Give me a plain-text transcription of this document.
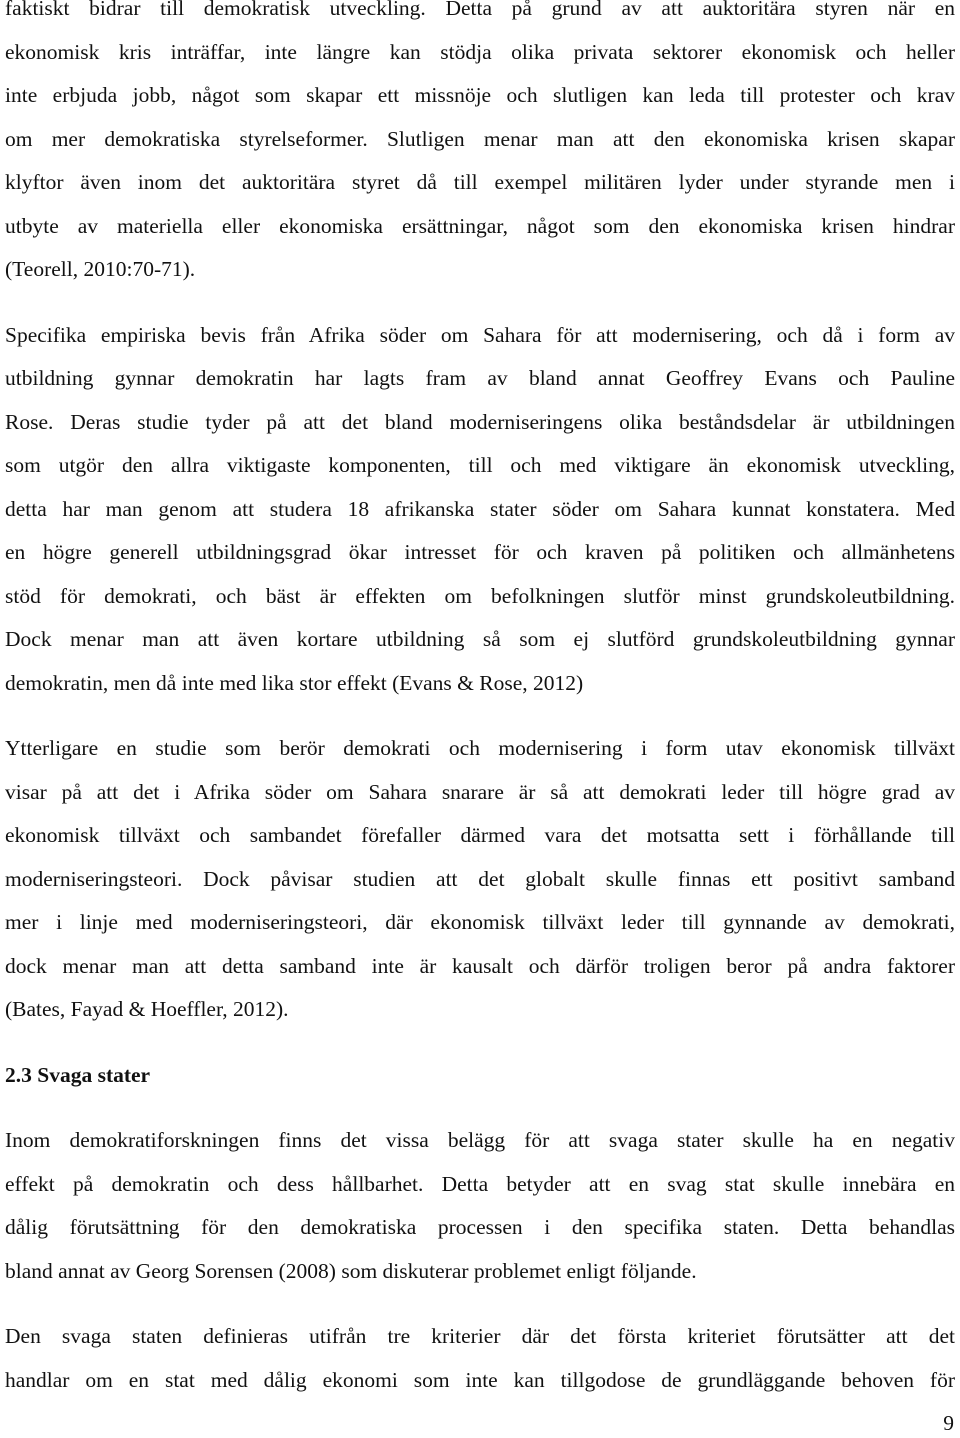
faktiskt bidrar till demokratisk utveckling. Detta på grund av att auktoritära styren när en
ekonomisk kris inträffar, inte längre kan stödja olika privata sektorer ekonomisk och heller
inte erbjuda jobb, något som skapar ett missnöje och slutligen kan leda till protester och krav
om mer demokratiska styrelseformer. Slutligen menar man att den ekonomiska krisen skapar
klyftor även inom det auktoritära styret då till exempel militären lyder under styrande men i
utbyte av materiella eller ekonomiska ersättningar, något som den ekonomiska krisen hindrar
(Teorell, 2010:70-71).
Specifika empiriska bevis från Afrika söder om Sahara för att modernisering, och då i form av
utbildning gynnar demokratin har lagts fram av bland annat Geoffrey Evans och Pauline
Rose. Deras studie tyder på att det bland moderniseringens olika beståndsdelar är utbildningen
som utgör den allra viktigaste komponenten, till och med viktigare än ekonomisk utveckling,
detta har man genom att studera 18 afrikanska stater söder om Sahara kunnat konstatera. Med
en högre generell utbildningsgrad ökar intresset för och kraven på politiken och allmänhetens
stöd för demokrati, och bäst är effekten om befolkningen slutför minst grundskoleutbildning.
Dock menar man att även kortare utbildning så som ej slutförd grundskoleutbildning gynnar
demokratin, men då inte med lika stor effekt (Evans & Rose, 2012)
Ytterligare en studie som berör demokrati och modernisering i form utav ekonomisk tillväxt
visar på att det i Afrika söder om Sahara snarare är så att demokrati leder till högre grad av
ekonomisk tillväxt och sambandet förefaller därmed vara det motsatta sett i förhållande till
moderniseringsteori. Dock påvisar studien att det globalt skulle finnas ett positivt samband
mer i linje med moderniseringsteori, där ekonomisk tillväxt leder till gynnande av demokrati,
dock menar man att detta samband inte är kausalt och därför troligen beror på andra faktorer
(Bates, Fayad & Hoeffler, 2012).
2.3 Svaga stater
Inom demokratiforskningen finns det vissa belägg för att svaga stater skulle ha en negativ
effekt på demokratin och dess hållbarhet. Detta betyder att en svag stat skulle innebära en
dålig förutsättning för den demokratiska processen i den specifika staten. Detta behandlas
bland annat av Georg Sorensen (2008) som diskuterar problemet enligt följande.
Den svaga staten definieras utifrån tre kriterier där det första kriteriet förutsätter att det
handlar om en stat med dålig ekonomi som inte kan tillgodose de grundläggande behoven för
9
